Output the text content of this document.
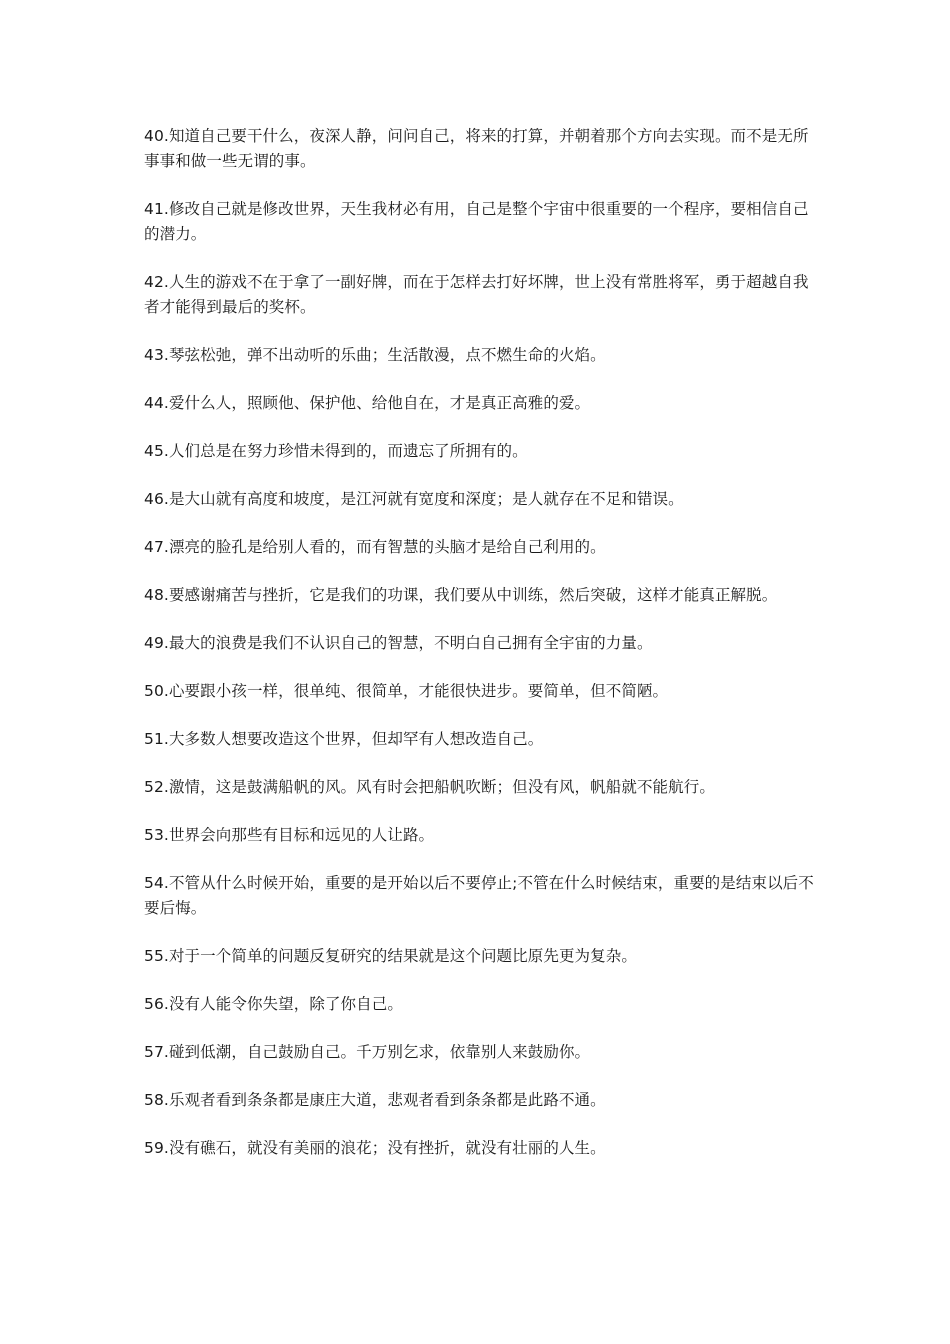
40.知道自己要干什么，夜深人静，问问自己，将来的打算，并朝着那个方向去实现。而不是无所事事和做一些无谓的事。

41.修改自己就是修改世界，天生我材必有用，自己是整个宇宙中很重要的一个程序，要相信自己的潜力。

42.人生的游戏不在于拿了一副好牌，而在于怎样去打好坏牌，世上没有常胜将军，勇于超越自我者才能得到最后的奖杯。

43.琴弦松弛，弹不出动听的乐曲；生活散漫，点不燃生命的火焰。

44.爱什么人，照顾他、保护他、给他自在，才是真正高雅的爱。

45.人们总是在努力珍惜未得到的，而遗忘了所拥有的。

46.是大山就有高度和坡度，是江河就有宽度和深度；是人就存在不足和错误。

47.漂亮的脸孔是给别人看的，而有智慧的头脑才是给自己利用的。

48.要感谢痛苦与挫折，它是我们的功课，我们要从中训练，然后突破，这样才能真正解脱。

49.最大的浪费是我们不认识自己的智慧，不明白自己拥有全宇宙的力量。

50.心要跟小孩一样，很单纯、很简单，才能很快进步。要简单，但不简陋。

51.大多数人想要改造这个世界，但却罕有人想改造自己。

52.激情，这是鼓满船帆的风。风有时会把船帆吹断；但没有风，帆船就不能航行。

53.世界会向那些有目标和远见的人让路。

54.不管从什么时候开始，重要的是开始以后不要停止;不管在什么时候结束，重要的是结束以后不要后悔。

55.对于一个简单的问题反复研究的结果就是这个问题比原先更为复杂。

56.没有人能令你失望，除了你自己。

57.碰到低潮，自己鼓励自己。千万别乞求，依靠别人来鼓励你。

58.乐观者看到条条都是康庄大道，悲观者看到条条都是此路不通。

59.没有礁石，就没有美丽的浪花；没有挫折，就没有壮丽的人生。
